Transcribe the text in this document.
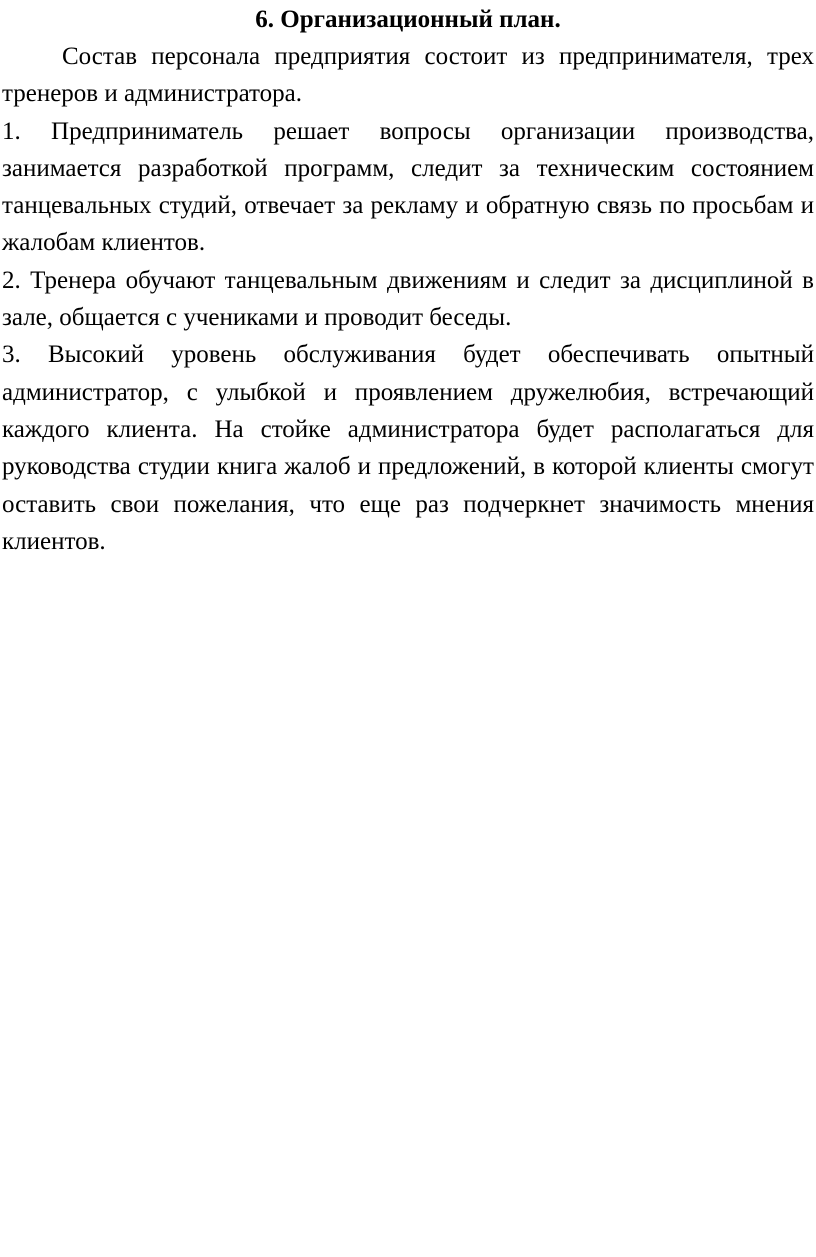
6. Организационный план.

Состав персонала предприятия состоит из предпринимателя, трех тренеров и администратора.

1. Предприниматель решает вопросы организации производства, занимается разработкой программ, следит за техническим состоянием танцевальных студий, отвечает за рекламу и обратную связь по просьбам и жалобам клиентов.

2. Тренера обучают танцевальным движениям и следит за дисциплиной в зале, общается с учениками и проводит беседы.

3. Высокий уровень обслуживания будет обеспечивать опытный администратор, с улыбкой и проявлением дружелюбия, встречающий каждого клиента. На стойке администратора будет располагаться для руководства студии книга жалоб и предложений, в которой клиенты смогут оставить свои пожелания, что еще раз подчеркнет значимость мнения клиентов.
